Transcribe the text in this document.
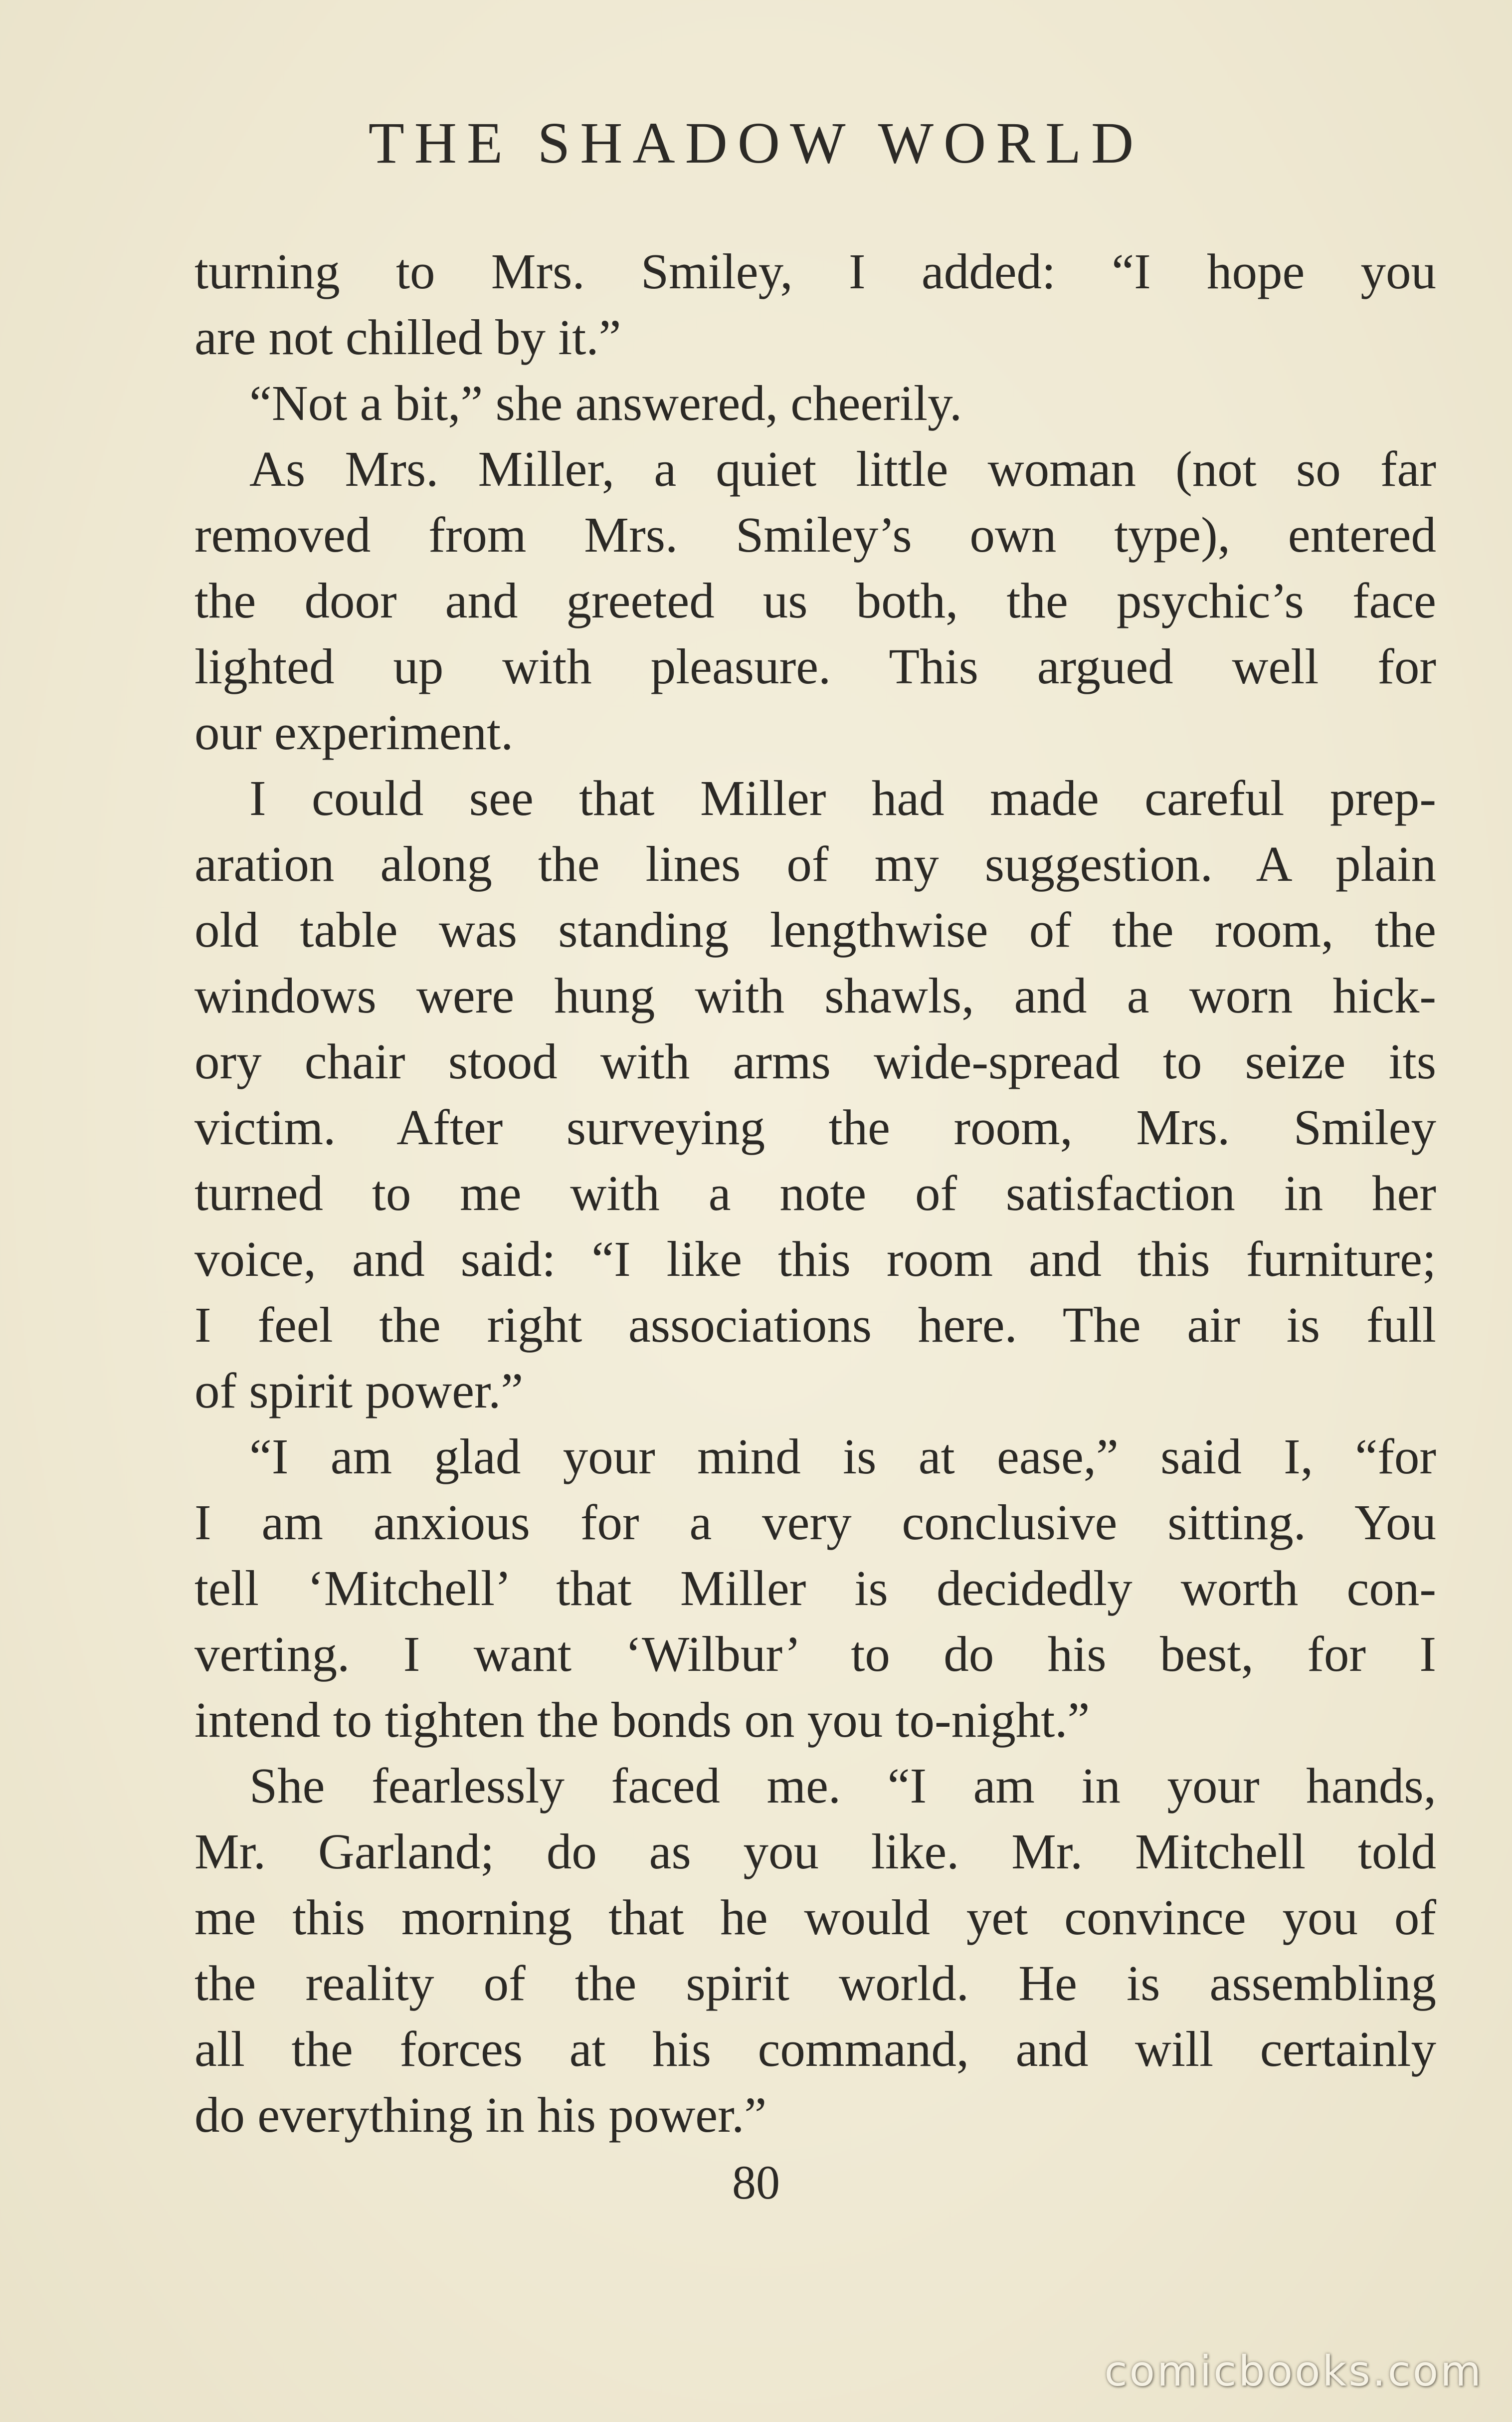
THE SHADOW WORLD
turning to Mrs. Smiley, I added: “I hope you
are not chilled by it.”
“Not a bit,” she answered, cheerily.
As Mrs. Miller, a quiet little woman (not so far
removed from Mrs. Smiley’s own type), entered
the door and greeted us both, the psychic’s face
lighted up with pleasure. This argued well for
our experiment.
I could see that Miller had made careful prep-
aration along the lines of my suggestion. A plain
old table was standing lengthwise of the room, the
windows were hung with shawls, and a worn hick-
ory chair stood with arms wide-spread to seize its
victim. After surveying the room, Mrs. Smiley
turned to me with a note of satisfaction in her
voice, and said: “I like this room and this furniture;
I feel the right associations here. The air is full
of spirit power.”
“I am glad your mind is at ease,” said I, “for
I am anxious for a very conclusive sitting. You
tell ‘Mitchell’ that Miller is decidedly worth con-
verting. I want ‘Wilbur’ to do his best, for I
intend to tighten the bonds on you to-night.”
She fearlessly faced me. “I am in your hands,
Mr. Garland; do as you like. Mr. Mitchell told
me this morning that he would yet convince you of
the reality of the spirit world. He is assembling
all the forces at his command, and will certainly
do everything in his power.”
80
comicbooks.com
